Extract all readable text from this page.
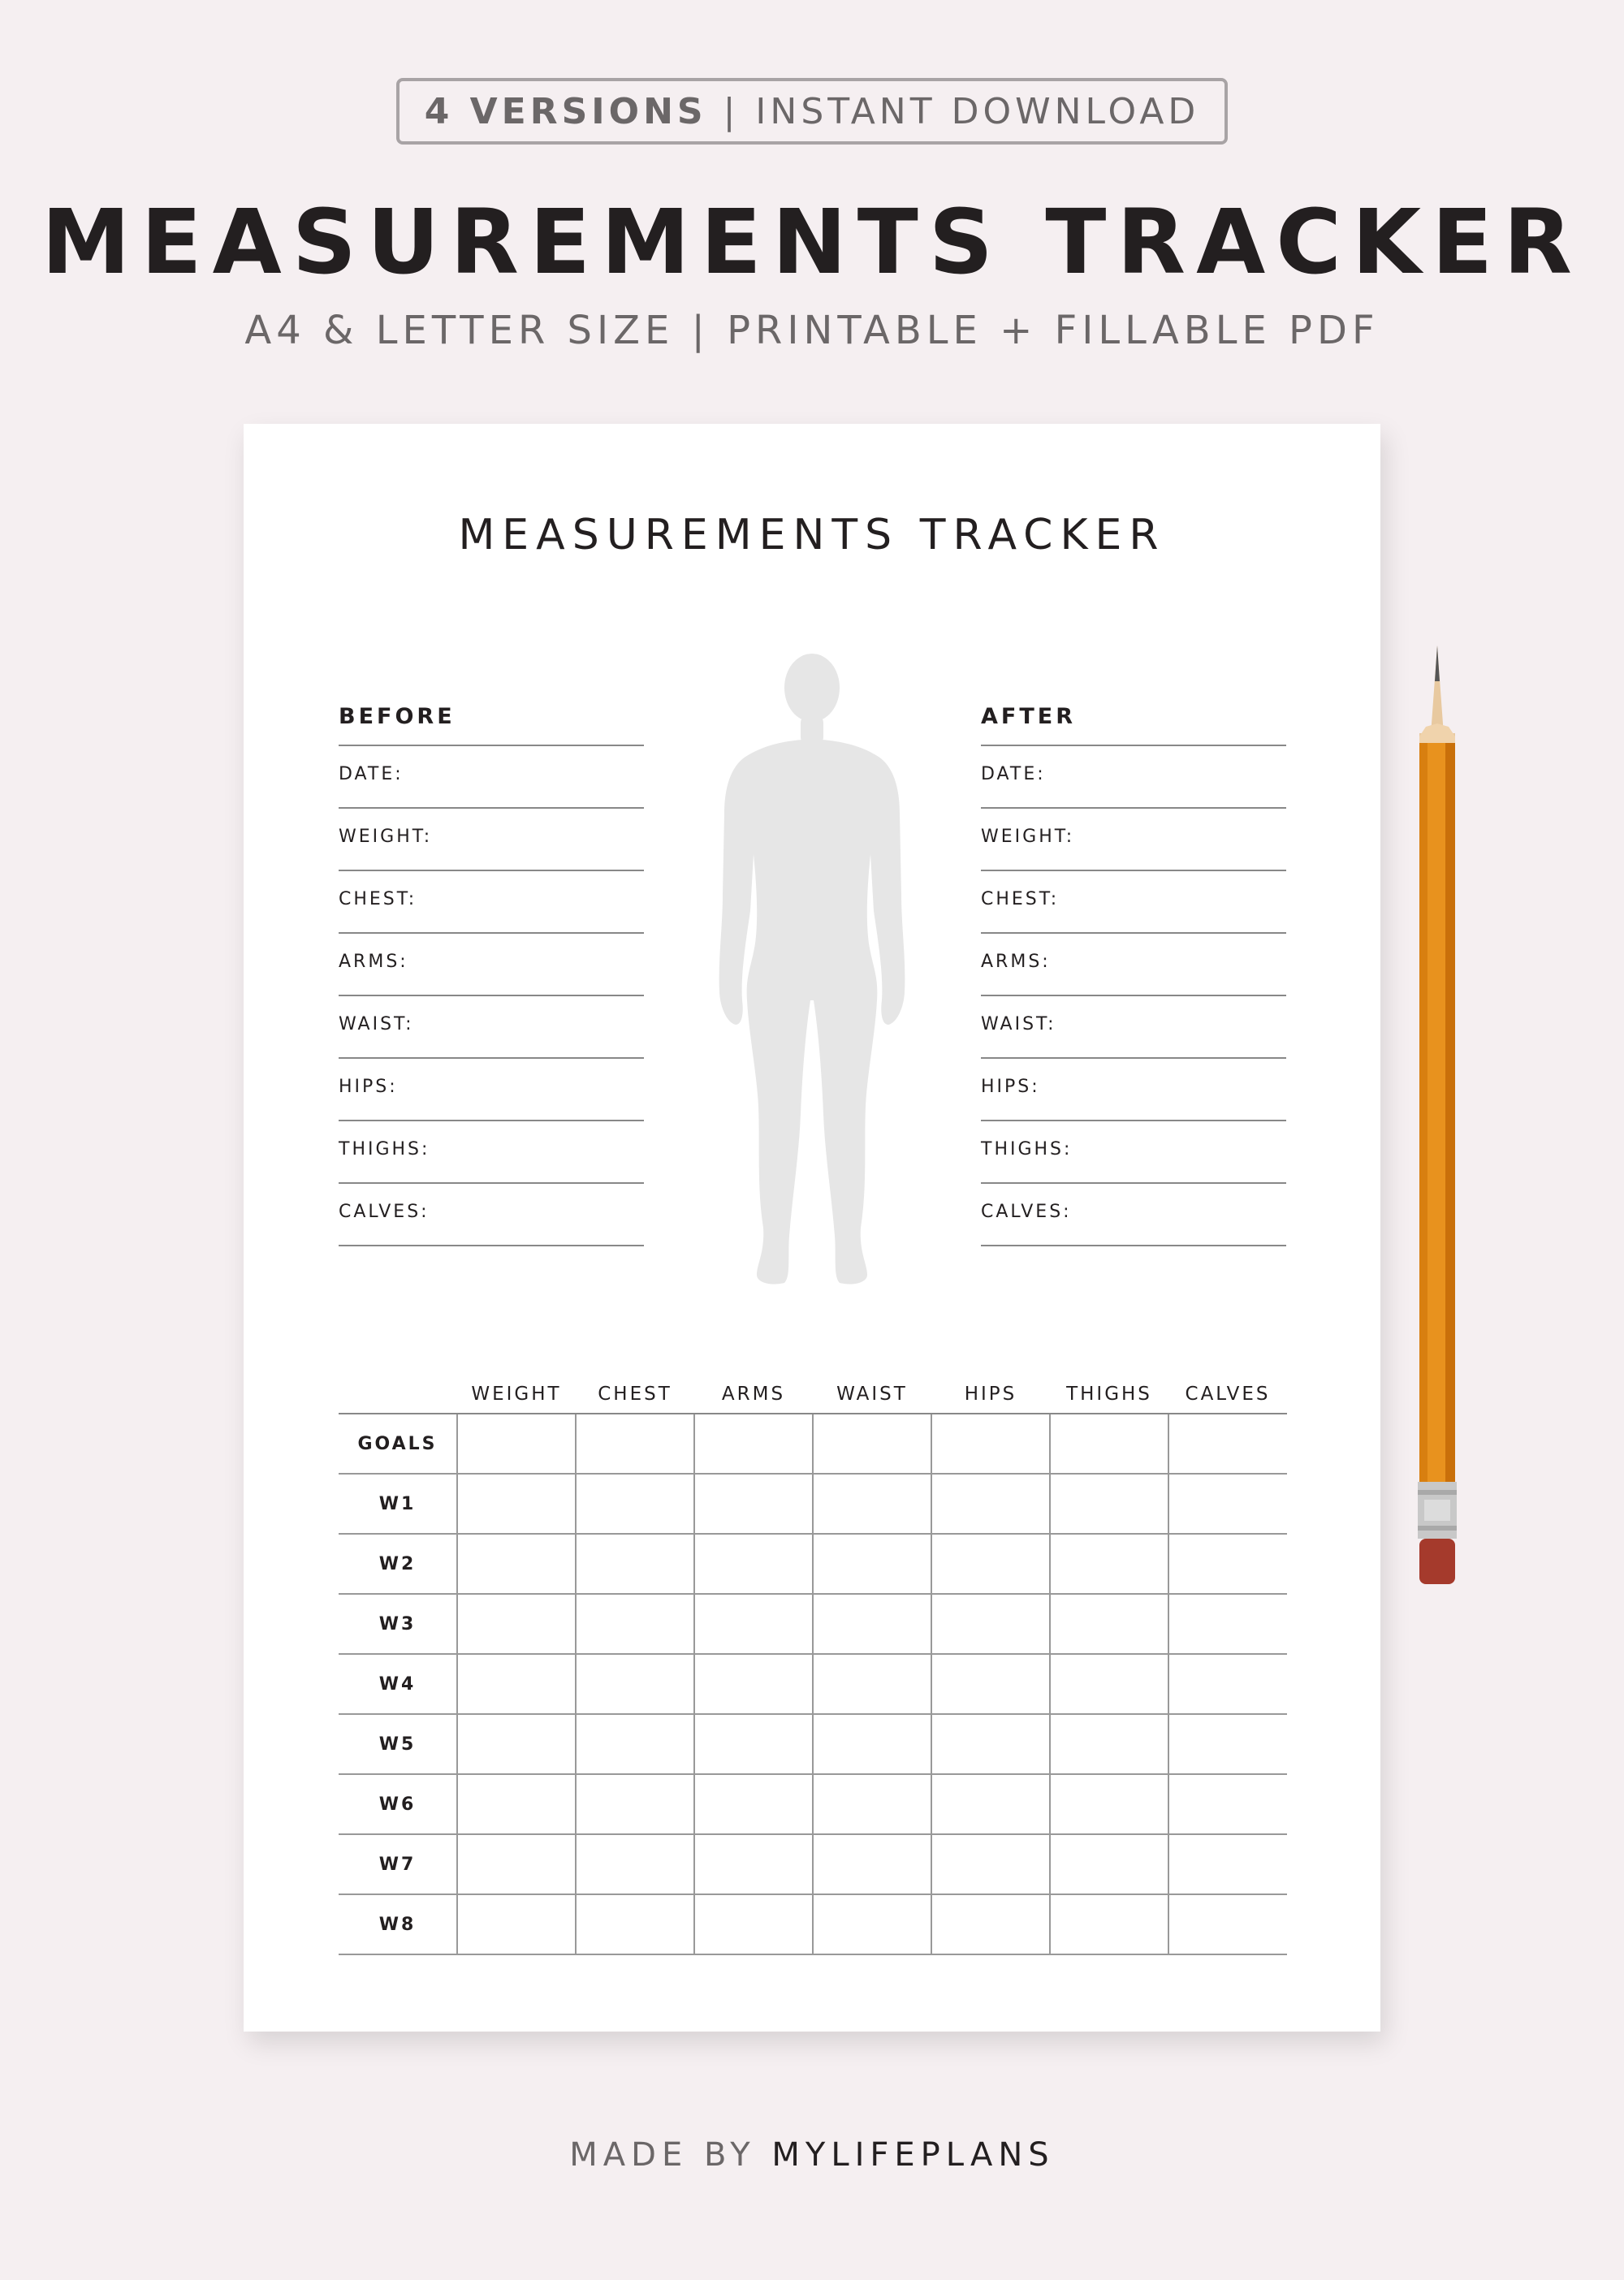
4 VERSIONS | INSTANT DOWNLOAD
MEASUREMENTS TRACKER
A4 & LETTER SIZE | PRINTABLE + FILLABLE PDF
MEASUREMENTS TRACKER
BEFORE
DATE:
WEIGHT:
CHEST:
ARMS:
WAIST:
HIPS:
THIGHS:
CALVES:
AFTER
DATE:
WEIGHT:
CHEST:
ARMS:
WAIST:
HIPS:
THIGHS:
CALVES:
	WEIGHT	CHEST	ARMS	WAIST	HIPS	THIGHS	CALVES
GOALS							
W1							
W2							
W3							
W4							
W5							
W6							
W7							
W8							
MADE BY MYLIFEPLANS
